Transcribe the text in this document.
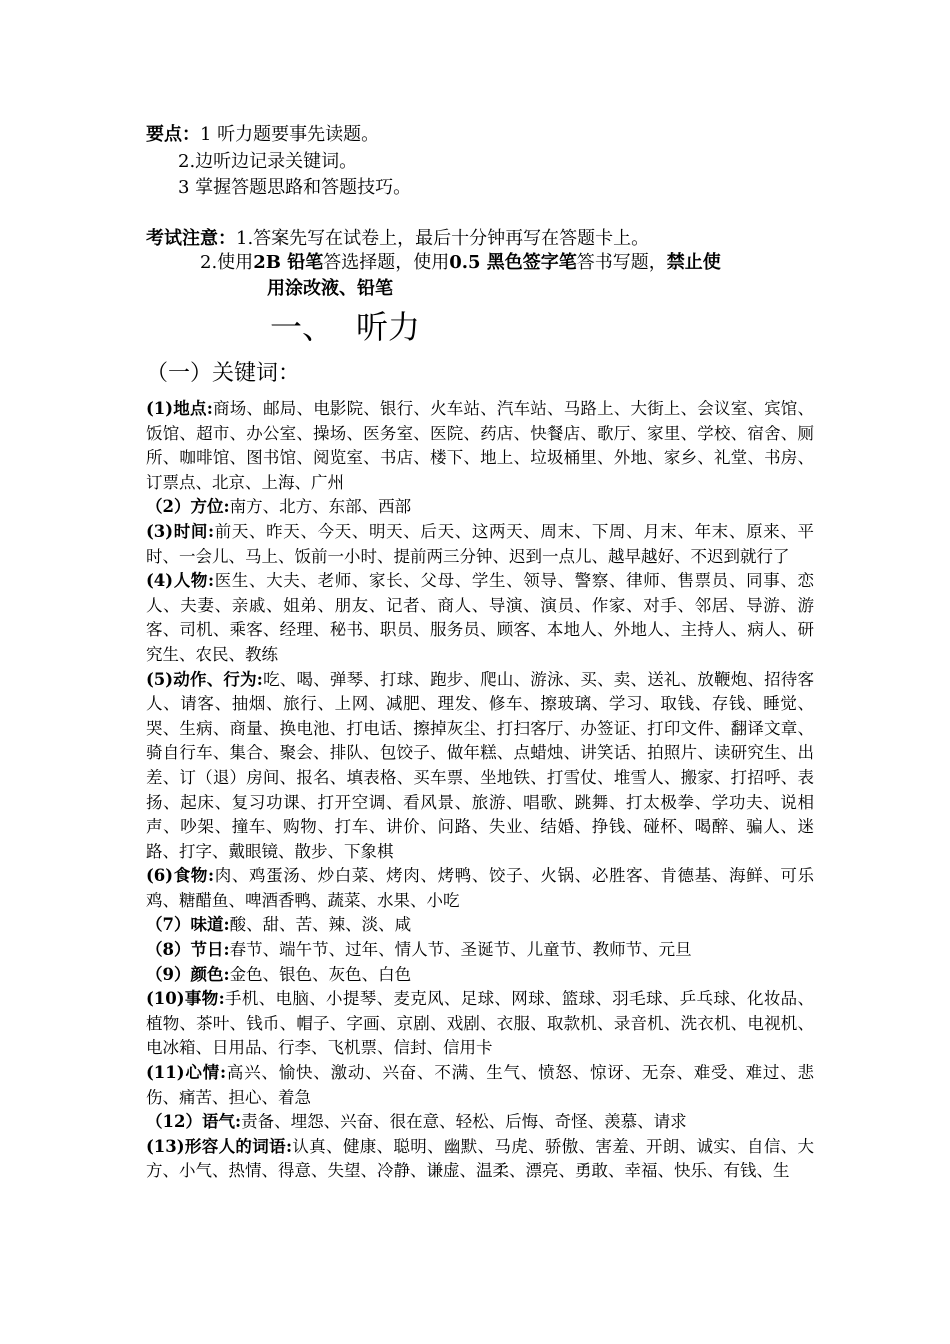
要点：1 听力题要事先读题。
2.边听边记录关键词。
3 掌握答题思路和答题技巧。
考试注意：1.答案先写在试卷上，最后十分钟再写在答题卡上。
2.使用2B 铅笔答选择题，使用0.5 黑色签字笔答书写题，禁止使
用涂改液、铅笔
一、 听力
（一）关键词：

(1)地点:商场、邮局、电影院、银行、火车站、汽车站、马路上、大街上、会议室、宾馆、饭馆、超市、办公室、操场、医务室、医院、药店、快餐店、歌厅、家里、学校、宿舍、厕所、咖啡馆、图书馆、阅览室、书店、楼下、地上、垃圾桶里、外地、家乡、礼堂、书房、订票点、北京、上海、广州

（2）方位:南方、北方、东部、西部

(3)时间:前天、昨天、今天、明天、后天、这两天、周末、下周、月末、年末、原来、平时、一会儿、马上、饭前一小时、提前两三分钟、迟到一点儿、越早越好、不迟到就行了

(4)人物:医生、大夫、老师、家长、父母、学生、领导、警察、律师、售票员、同事、恋人、夫妻、亲戚、姐弟、朋友、记者、商人、导演、演员、作家、对手、邻居、导游、游客、司机、乘客、经理、秘书、职员、服务员、顾客、本地人、外地人、主持人、病人、研究生、农民、教练

(5)动作、行为:吃、喝、弹琴、打球、跑步、爬山、游泳、买、卖、送礼、放鞭炮、招待客人、请客、抽烟、旅行、上网、减肥、理发、修车、擦玻璃、学习、取钱、存钱、睡觉、哭、生病、商量、换电池、打电话、擦掉灰尘、打扫客厅、办签证、打印文件、翻译文章、骑自行车、集合、聚会、排队、包饺子、做年糕、点蜡烛、讲笑话、拍照片、读研究生、出差、订（退）房间、报名、填表格、买车票、坐地铁、打雪仗、堆雪人、搬家、打招呼、表扬、起床、复习功课、打开空调、看风景、旅游、唱歌、跳舞、打太极拳、学功夫、说相声、吵架、撞车、购物、打车、讲价、问路、失业、结婚、挣钱、碰杯、喝醉、骗人、迷路、打字、戴眼镜、散步、下象棋

(6)食物:肉、鸡蛋汤、炒白菜、烤肉、烤鸭、饺子、火锅、必胜客、肯德基、海鲜、可乐鸡、糖醋鱼、啤酒香鸭、蔬菜、水果、小吃

（7）味道:酸、甜、苦、辣、淡、咸

（8）节日:春节、端午节、过年、情人节、圣诞节、儿童节、教师节、元旦

（9）颜色:金色、银色、灰色、白色

(10)事物:手机、电脑、小提琴、麦克风、足球、网球、篮球、羽毛球、乒乓球、化妆品、植物、茶叶、钱币、帽子、字画、京剧、戏剧、衣服、取款机、录音机、洗衣机、电视机、电冰箱、日用品、行李、飞机票、信封、信用卡

(11)心情:高兴、愉快、激动、兴奋、不满、生气、愤怒、惊讶、无奈、难受、难过、悲伤、痛苦、担心、着急

（12）语气:责备、埋怨、兴奋、很在意、轻松、后悔、奇怪、羡慕、请求

(13)形容人的词语:认真、健康、聪明、幽默、马虎、骄傲、害羞、开朗、诚实、自信、大方、小气、热情、得意、失望、冷静、谦虚、温柔、漂亮、勇敢、幸福、快乐、有钱、生
